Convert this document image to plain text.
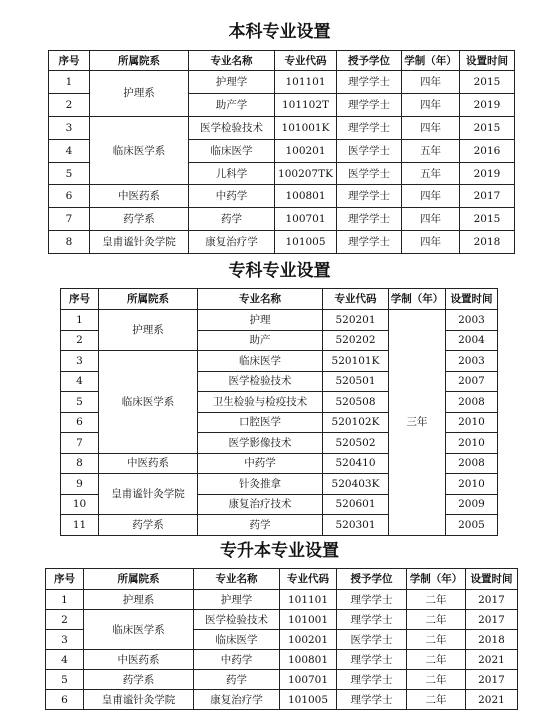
本科专业设置
序号	所属院系	专业名称	专业代码	授予学位	学制（年）	设置时间
1	护理系	护理学	101101	理学学士	四年	2015
2		助产学	101102T	理学学士	四年	2019
3	临床医学系	医学检验技术	101001K	理学学士	四年	2015
4		临床医学	100201	医学学士	五年	2016
5		儿科学	100207TK	医学学士	五年	2019
6	中医药系	中药学	100801	理学学士	四年	2017
7	药学系	药学	100701	理学学士	四年	2015
8	皇甫谧针灸学院	康复治疗学	101005	理学学士	四年	2018
专科专业设置
序号	所属院系	专业名称	专业代码	学制（年）	设置时间
1	护理系	护理	520201	三年	2003
2		助产	520202		2004
3	临床医学系	临床医学	520101K		2003
4		医学检验技术	520501		2007
5		卫生检验与检疫技术	520508		2008
6		口腔医学	520102K		2010
7		医学影像技术	520502		2010
8	中医药系	中药学	520410		2008
9	皇甫谧针灸学院	针灸推拿	520403K		2010
10		康复治疗技术	520601		2009
11	药学系	药学	520301		2005
专升本专业设置
序号	所属院系	专业名称	专业代码	授予学位	学制（年）	设置时间
1	护理系	护理学	101101	理学学士	二年	2017
2	临床医学系	医学检验技术	101001	理学学士	二年	2017
3		临床医学	100201	医学学士	二年	2018
4	中医药系	中药学	100801	理学学士	二年	2021
5	药学系	药学	100701	理学学士	二年	2017
6	皇甫谧针灸学院	康复治疗学	101005	理学学士	二年	2021
